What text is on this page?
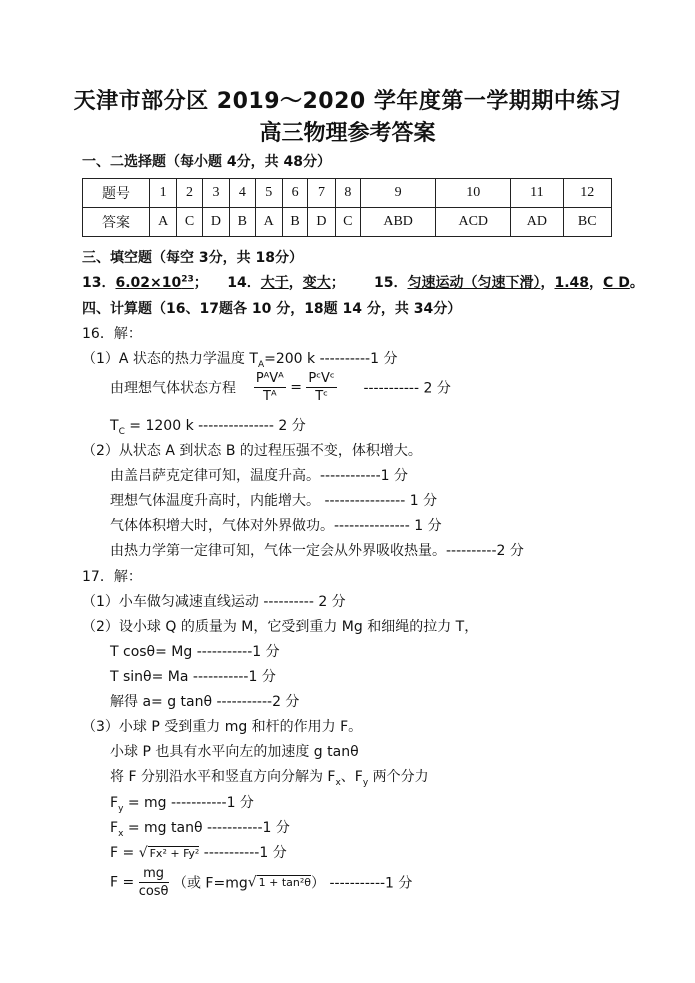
天津市部分区 2019～2020 学年度第一学期期中练习
高三物理参考答案
一、二选择题（每小题 4分，共 48分）
题号	1	2	3	4	5	6	7	8	9	10	11	12
答案	A	C	D	B	A	B	D	C	ABD	ACD	AD	BC
三、填空题（每空 3分，共 18分）
13．$6.02\times 10^{23}$； 14．大于，变大； 15．匀速运动（匀速下滑），1.48，C D。
四、计算题（16、17题各 10 分，18题 14 分，共 34分）
16．解：
（1）A 状态的热力学温度 $T_A=200$ k ----------1 分
由理想气体状态方程 $\frac{\text{PᴬVᴬ}}{\text{Tᴬ}} = \frac{\text{PᶜVᶜ}}{\text{Tᶜ}}$ ----------- 2 分
$T_C = 1200$ k --------------- 2 分
（2）从状态 A 到状态 B 的过程压强不变，体积增大。
由盖吕萨克定律可知，温度升高。------------1 分
理想气体温度升高时，内能增大。 ---------------- 1 分
气体体积增大时，气体对外界做功。--------------- 1 分
由热力学第一定律可知，气体一定会从外界吸收热量。----------2 分
17．解：
（1）小车做匀减速直线运动 ---------- 2 分
（2）设小球 Q 的质量为 M，它受到重力 Mg 和细绳的拉力 T，
T cosθ= Mg -----------1 分
T sinθ= Ma -----------1 分
解得 a= g tanθ -----------2 分
（3）小球 P 受到重力 mg 和杆的作用力 F。
小球 P 也具有水平向左的加速度 g tanθ
将 F 分别沿水平和竖直方向分解为 $F_x$、$F_y$ 两个分力
$F_y$ = mg -----------1 分
$F_x$ = mg tanθ -----------1 分
F = √ Fx² + Fy² -----------1 分
$F = \frac{mg}{\cos\theta}$ （或 F=mg√ 1 + tan²θ） -----------1 分
